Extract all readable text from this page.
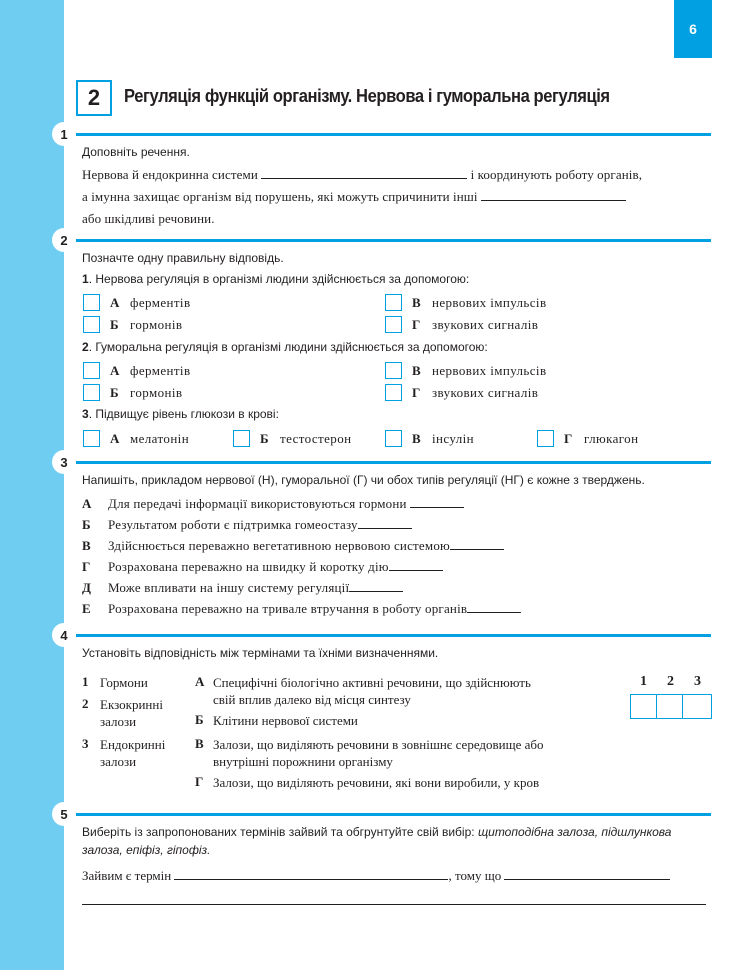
6
2	Регуляція функцій організму. Нервова і гуморальна регуляція
1
Доповніть речення.
Нервова й ендокринна системи	і координують роботу органів,
а імунна захищає організм від порушень, які можуть спричинити інші
або шкідливі речовини.
2
Позначте одну правильну відповідь.
1. Нервова регуляція в організмі людини здійснюється за допомогою:
А ферментів	В нервових імпульсів
Б гормонів	Г звукових сигналів
2. Гуморальна регуляція в організмі людини здійснюється за допомогою:
А ферментів	В нервових імпульсів
Б гормонів	Г звукових сигналів
3. Підвищує рівень глюкози в крові:
А мелатонін	Б тестостерон	В інсулін	Г глюкагон
3
Напишіть, прикладом нервової (Н), гуморальної (Г) чи обох типів регуляції (НГ) є кожне з тверджень.
А Для передачі інформації використовуються гормони
Б Результатом роботи є підтримка гомеостазу
В Здійснюється переважно вегетативною нервовою системою
Г Розрахована переважно на швидку й коротку дію
Д Може впливати на іншу систему регуляції
Е Розрахована переважно на тривале втручання в роботу органів
4
Установіть відповідність між термінами та їхніми визначеннями.
1 Гормони
2 Екзокринні
залози
3 Ендокринні
залози
А Специфічні біологічно активні речовини, що здійснюють
свій вплив далеко від місця синтезу
Б Клітини нервової системи
В Залози, що виділяють речовини в зовнішнє середовище або
внутрішні порожнини організму
Г Залози, що виділяють речовини, які вони виробили, у кров
1	2	3
5
Виберіть із запропонованих термінів зайвий та обгрунтуйте свій вибір: щитоподібна залоза, підшлункова
залоза, епіфіз, гіпофіз.
Зайвим є термін	, тому що
